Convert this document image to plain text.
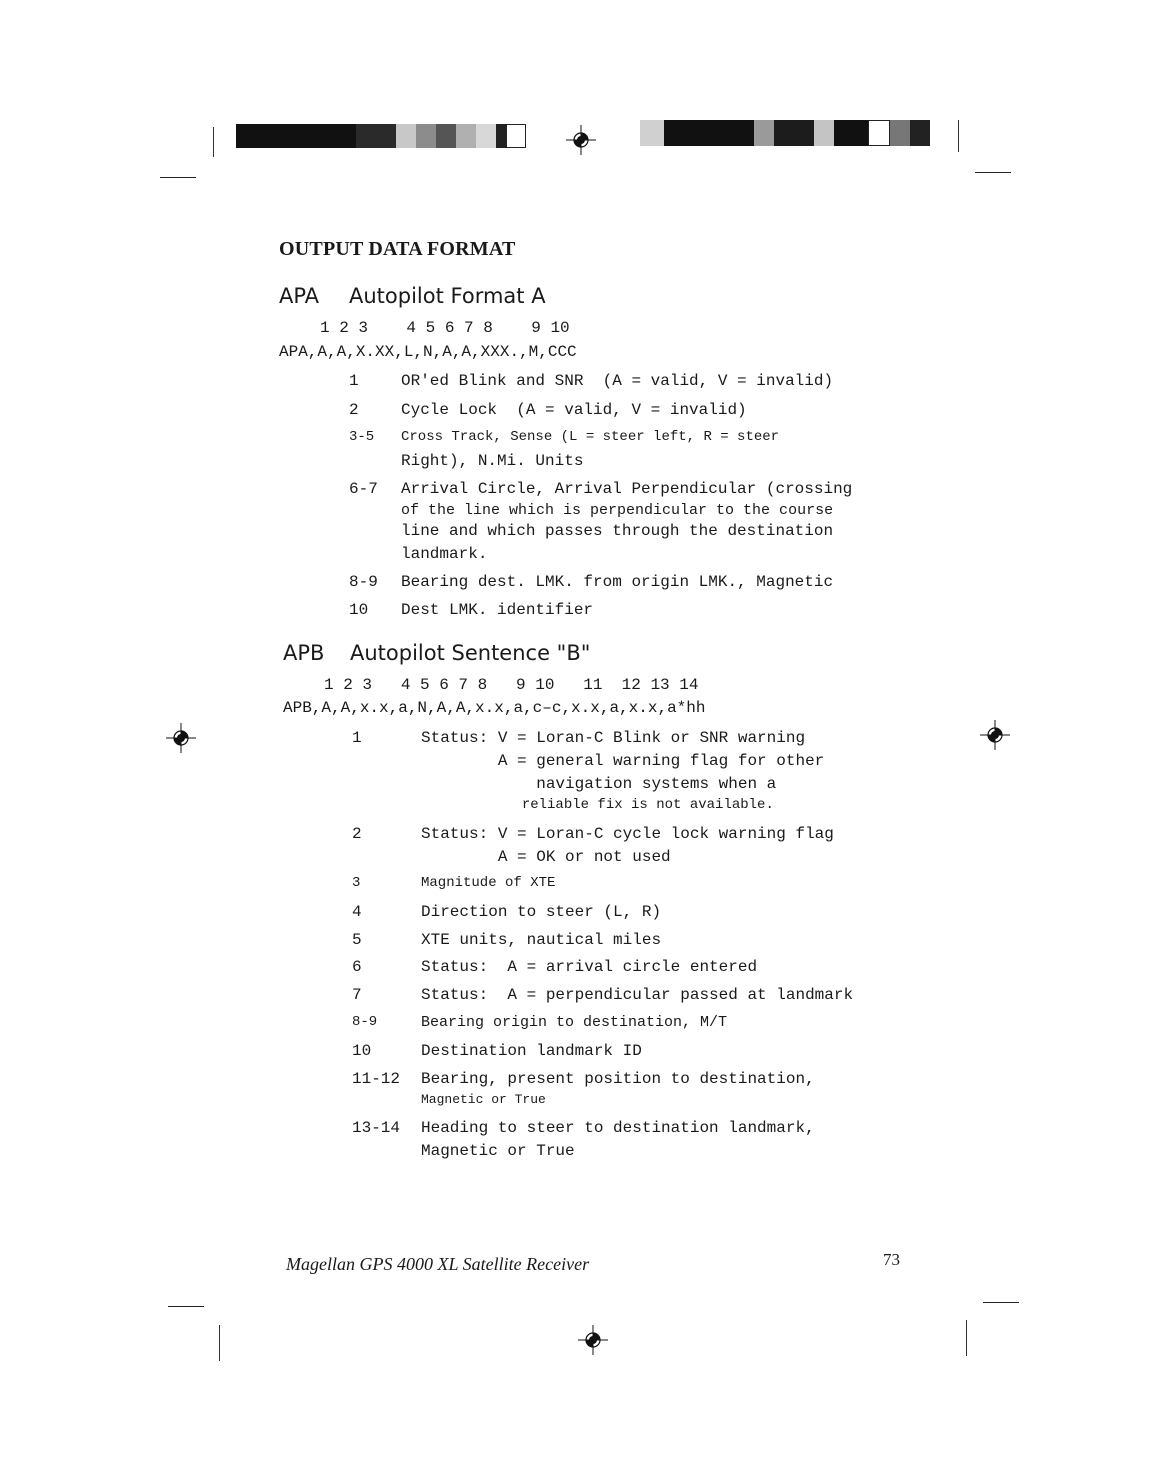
OUTPUT DATA FORMAT
APA Autopilot Format A
1 2 3    4 5 6 7 8    9 10
APA,A,A,X.XX,L,N,A,A,XXX.,M,CCC
1	OR'ed Blink and SNR  (A = valid, V = invalid)
2	Cycle Lock  (A = valid, V = invalid)
3-5 Cross Track, Sense (L = steer left, R = steer
Right), N.Mi. Units
6-7 Arrival Circle, Arrival Perpendicular (crossing
of the line which is perpendicular to the course
line and which passes through the destination
landmark.
8-9 Bearing dest. LMK. from origin LMK., Magnetic
10 Dest LMK. identifier
APB Autopilot Sentence "B"
1 2 3   4 5 6 7 8   9 10   11  12 13 14
APB,A,A,x.x,a,N,A,A,x.x,a,c–c,x.x,a,x.x,a*hh
1	Status: V = Loran-C Blink or SNR warning
A = general warning flag for other
navigation systems when a
reliable fix is not available.
2	Status: V = Loran-C cycle lock warning flag
A = OK or not used
3	Magnitude of XTE
4	Direction to steer (L, R)
5	XTE units, nautical miles
6	Status:  A = arrival circle entered
7	Status:  A = perpendicular passed at landmark
8-9	Bearing origin to destination, M/T
10	Destination landmark ID
11-12 Bearing, present position to destination,
Magnetic or True
13-14 Heading to steer to destination landmark,
Magnetic or True
Magellan GPS 4000 XL Satellite Receiver	73
